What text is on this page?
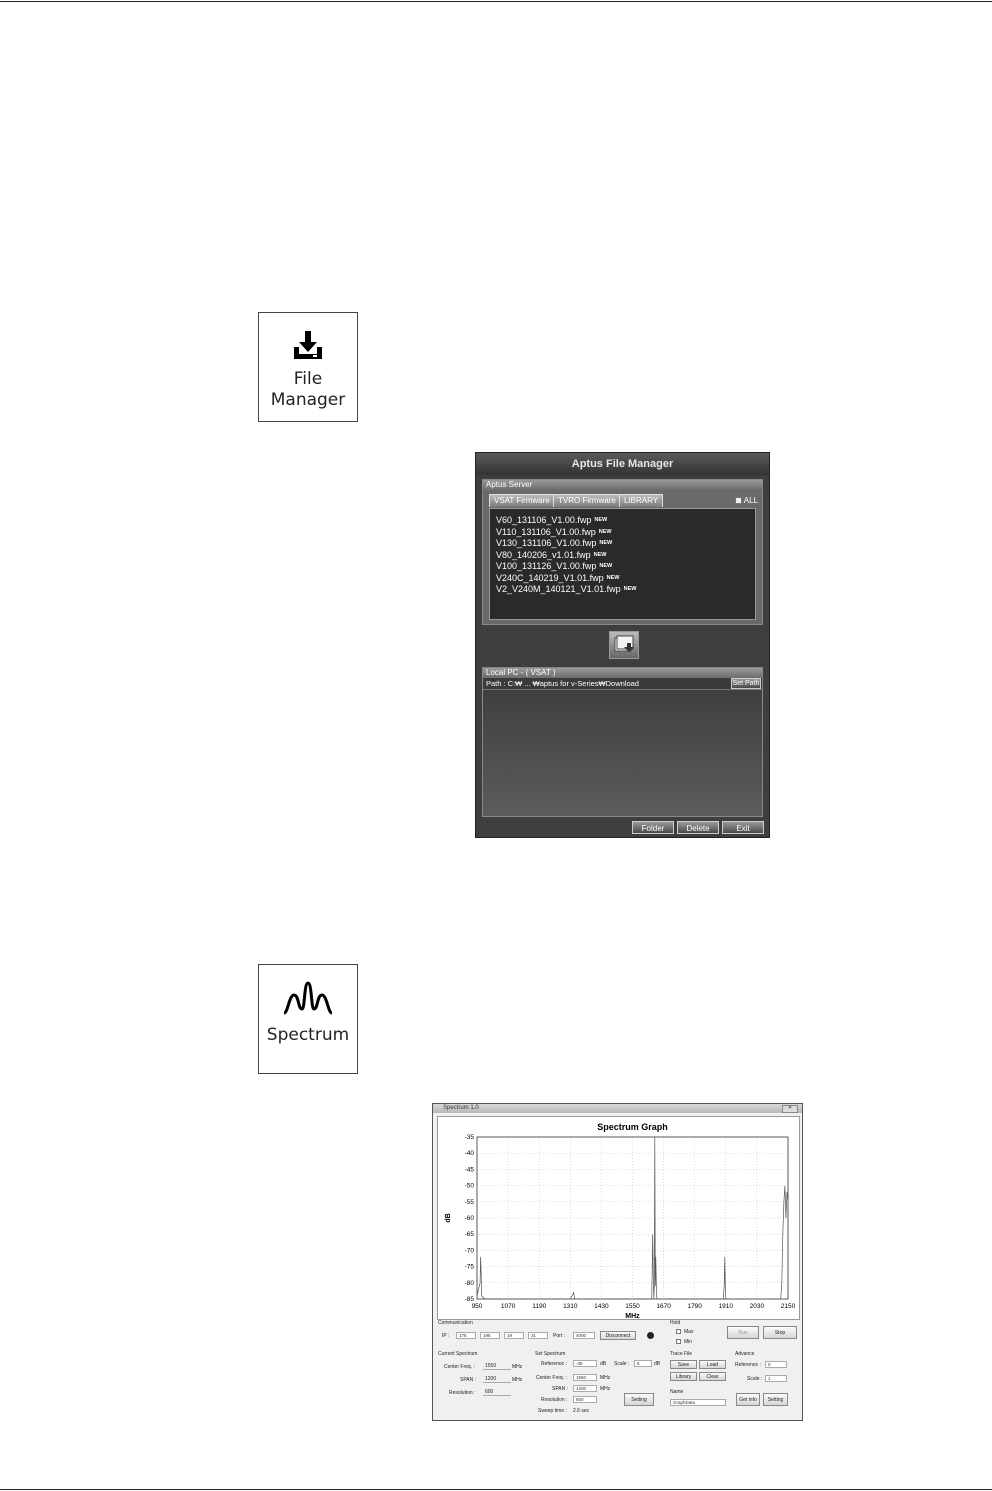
File
Manager
Aptus File Manager
Aptus Server
VSAT Firmware	TVRO Firmware	LIBRARY	ALL
V60_131106_V1.00.fwp $^{NEW}$
V110_131106_V1.00.fwp $^{NEW}$
V130_131106_V1.00.fwp $^{NEW}$
V80_140206_v1.01.fwp $^{NEW}$
V100_131126_V1.00.fwp $^{NEW}$
V240C_140219_V1.01.fwp $^{NEW}$
V2_V240M_140121_V1.01.fwp $^{NEW}$
Local PC - ( VSAT )
Path : C:₩ ... ₩aptus for v-Series₩Download	Set Path
Folder	Delete	Exit
Spectrum
Spectrum 1.0	✕
Spectrum Graph
950	1070	1190	1310	1430	1550	1670	1790	1910	2030	2150
-35
-40
-45
-50
-55
-60
-65
-70
-75
-80
-85
MHz
dB
Communication
IP :	175	195	19	31	Port :	4000	Disconnect
Hold
Max
Min
Run	Stop
Current Spectrum
Center Freq. :	1550	MHz
SPAN :	1200	MHz
Resolution :	600
Set Spectrum
Reference :	-35	dB Scale :	5	dB
Center Freq. :	1550	MHz
SPAN :	1200	MHz
Resolution :	600
Sweep time : 2.6 sec
Setting
Trace File
Save	Load
Library	Clear
Name
GraphData
Advance
Reference :	0
Scale :	1
Get info	Setting
